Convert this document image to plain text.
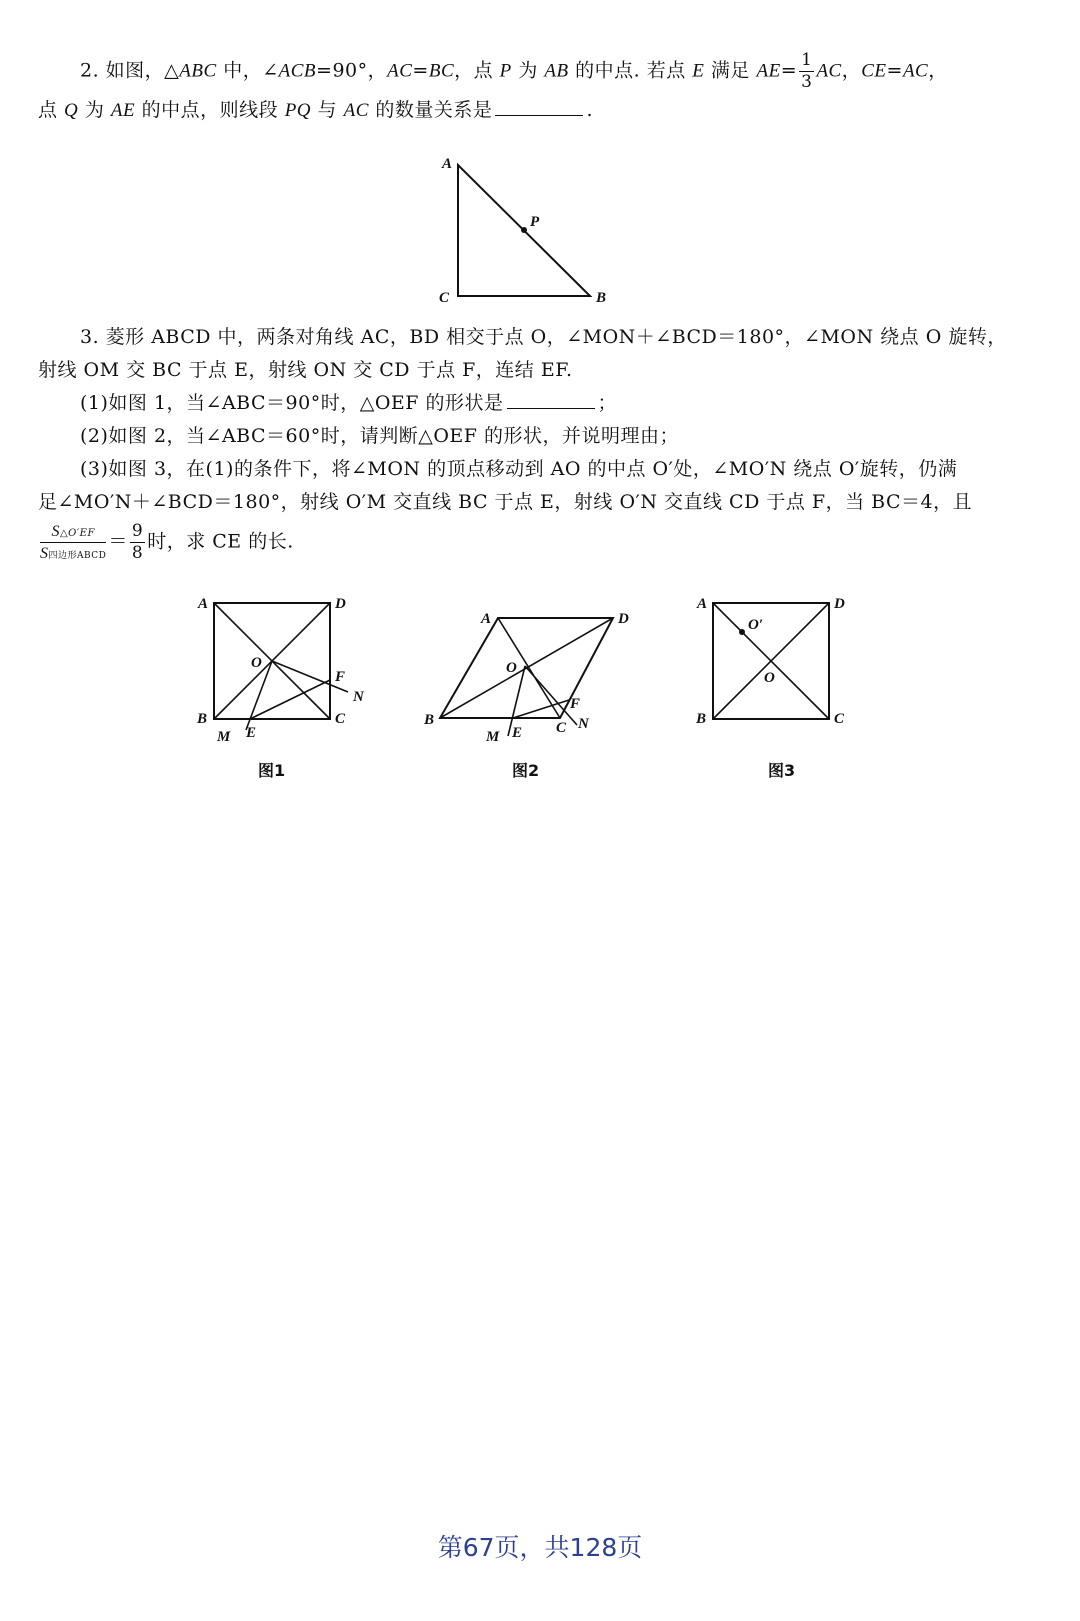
2. 如图，△ABC 中，∠ACB=90°，AC=BC，点 P 为 AB 的中点. 若点 E 满足 $AE= \frac{1}{3}$ AC，CE=AC，
点 Q 为 AE 的中点，则线段 PQ 与 AC 的数量关系是	.
A
P
C	B
3. 菱形 ABCD 中，两条对角线 AC，BD 相交于点 O，∠MON＋∠BCD＝180°，∠MON 绕点 O 旋转，
射线 OM 交 BC 于点 E，射线 ON 交 CD 于点 F，连结 EF.
(1)如图 1，当∠ABC＝90°时，△OEF 的形状是	；
(2)如图 2，当∠ABC＝60°时，请判断△OEF 的形状，并说明理由；
(3)如图 3，在(1)的条件下，将∠MON 的顶点移动到 AO 的中点 O′处，∠MO′N 绕点 O′旋转，仍满
足∠MO′N＋∠BCD＝180°，射线 O′M 交直线 BC 于点 E，射线 O′N 交直线 CD 于点 F，当 BC＝4，且
$\frac{S\triangle O'EF}{\text{S四边形ABCD}} = \frac{9}{8}$ 时，求 CE 的长.
A	D
O
F
N
B	C
M E
图1
A	D
O
F
B	C N
M E
图2
A	D
O′
O
B	C
图3
第67页，共128页
